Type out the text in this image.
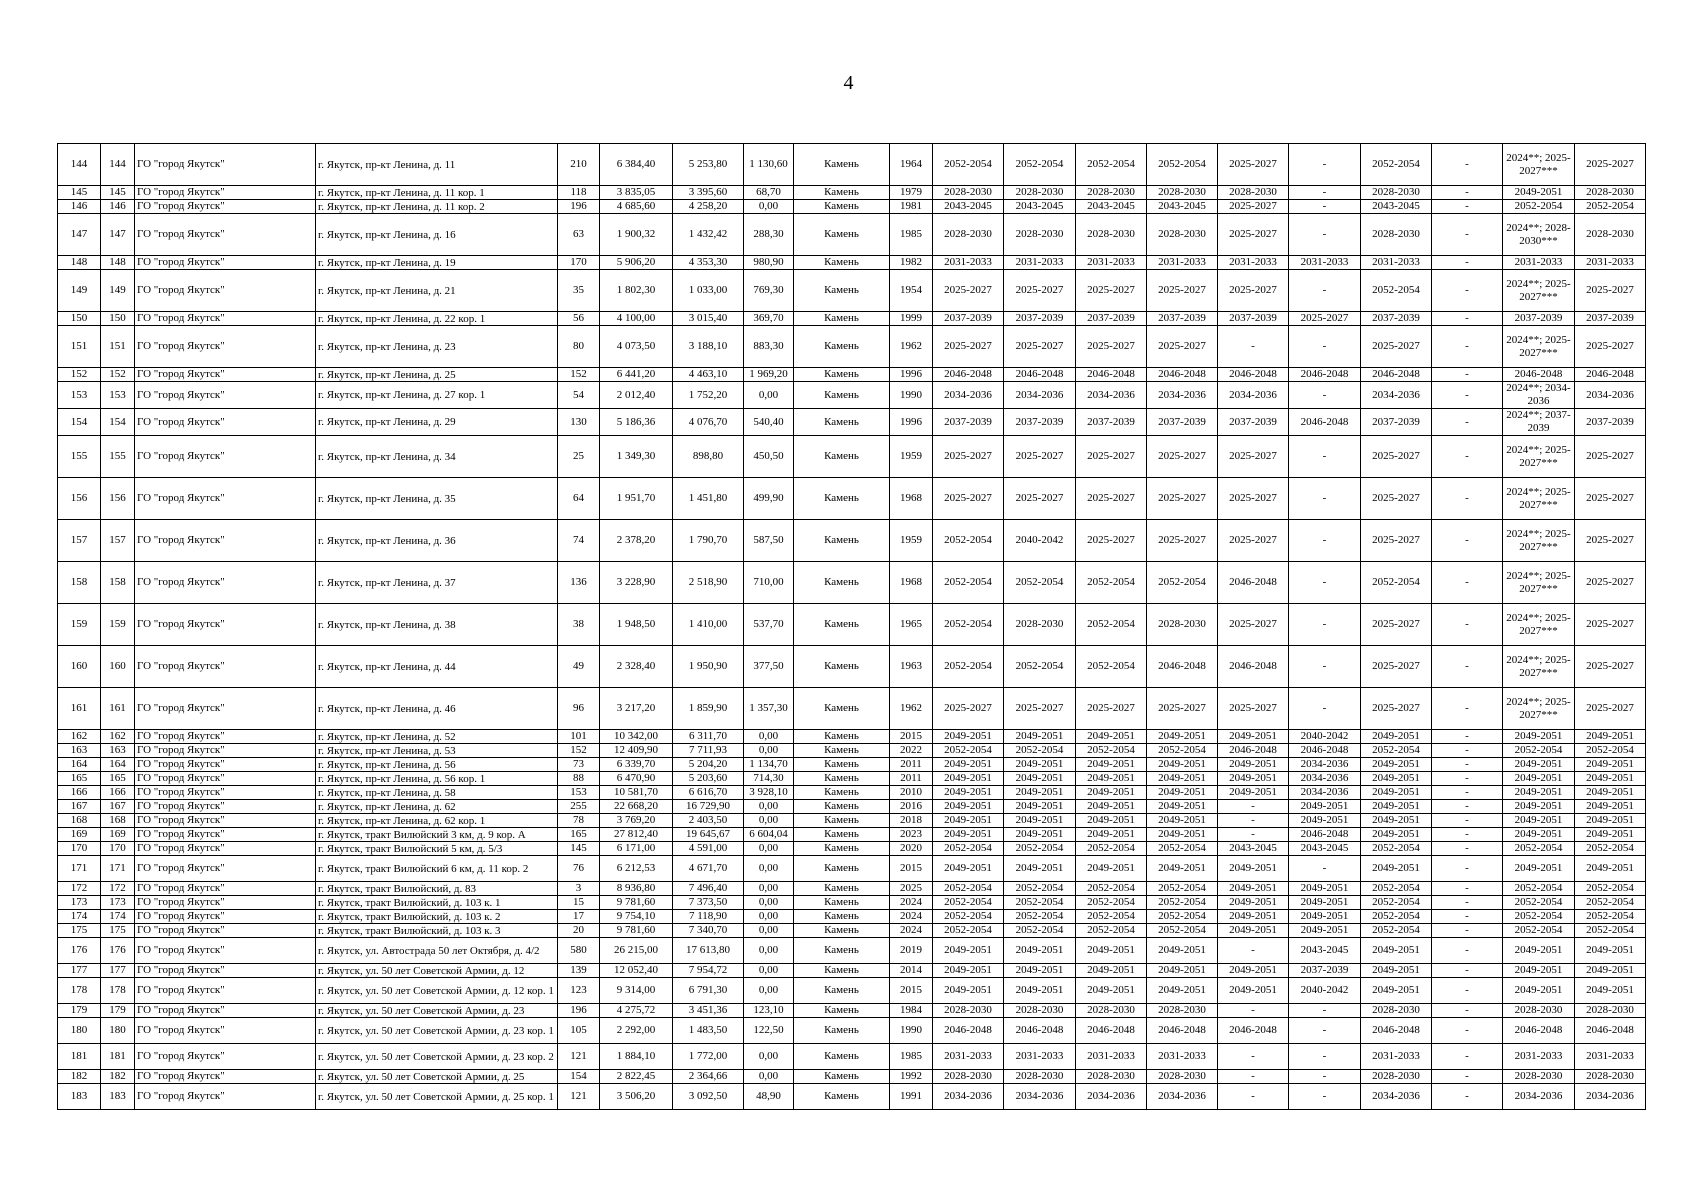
4
144	144	ГО "город Якутск"	г. Якутск, пр-кт Ленина, д. 11	210	6 384,40	5 253,80	1 130,60	Камень	1964	2052-2054	2052-2054	2052-2054	2052-2054	2025-2027	-	2052-2054	-	2024**; 2025-2027***	2025-2027
145	145	ГО "город Якутск"	г. Якутск, пр-кт Ленина, д. 11 кор. 1	118	3 835,05	3 395,60	68,70	Камень	1979	2028-2030	2028-2030	2028-2030	2028-2030	2028-2030	-	2028-2030	-	2049-2051	2028-2030
146	146	ГО "город Якутск"	г. Якутск, пр-кт Ленина, д. 11 кор. 2	196	4 685,60	4 258,20	0,00	Камень	1981	2043-2045	2043-2045	2043-2045	2043-2045	2025-2027	-	2043-2045	-	2052-2054	2052-2054
147	147	ГО "город Якутск"	г. Якутск, пр-кт Ленина, д. 16	63	1 900,32	1 432,42	288,30	Камень	1985	2028-2030	2028-2030	2028-2030	2028-2030	2025-2027	-	2028-2030	-	2024**; 2028-2030***	2028-2030
148	148	ГО "город Якутск"	г. Якутск, пр-кт Ленина, д. 19	170	5 906,20	4 353,30	980,90	Камень	1982	2031-2033	2031-2033	2031-2033	2031-2033	2031-2033	2031-2033	2031-2033	-	2031-2033	2031-2033
149	149	ГО "город Якутск"	г. Якутск, пр-кт Ленина, д. 21	35	1 802,30	1 033,00	769,30	Камень	1954	2025-2027	2025-2027	2025-2027	2025-2027	2025-2027	-	2052-2054	-	2024**; 2025-2027***	2025-2027
150	150	ГО "город Якутск"	г. Якутск, пр-кт Ленина, д. 22 кор. 1	56	4 100,00	3 015,40	369,70	Камень	1999	2037-2039	2037-2039	2037-2039	2037-2039	2037-2039	2025-2027	2037-2039	-	2037-2039	2037-2039
151	151	ГО "город Якутск"	г. Якутск, пр-кт Ленина, д. 23	80	4 073,50	3 188,10	883,30	Камень	1962	2025-2027	2025-2027	2025-2027	2025-2027	-	-	2025-2027	-	2024**; 2025-2027***	2025-2027
152	152	ГО "город Якутск"	г. Якутск, пр-кт Ленина, д. 25	152	6 441,20	4 463,10	1 969,20	Камень	1996	2046-2048	2046-2048	2046-2048	2046-2048	2046-2048	2046-2048	2046-2048	-	2046-2048	2046-2048
153	153	ГО "город Якутск"	г. Якутск, пр-кт Ленина, д. 27 кор. 1	54	2 012,40	1 752,20	0,00	Камень	1990	2034-2036	2034-2036	2034-2036	2034-2036	2034-2036	-	2034-2036	-	2024**; 2034-2036	2034-2036
154	154	ГО "город Якутск"	г. Якутск, пр-кт Ленина, д. 29	130	5 186,36	4 076,70	540,40	Камень	1996	2037-2039	2037-2039	2037-2039	2037-2039	2037-2039	2046-2048	2037-2039	-	2024**; 2037-2039	2037-2039
155	155	ГО "город Якутск"	г. Якутск, пр-кт Ленина, д. 34	25	1 349,30	898,80	450,50	Камень	1959	2025-2027	2025-2027	2025-2027	2025-2027	2025-2027	-	2025-2027	-	2024**; 2025-2027***	2025-2027
156	156	ГО "город Якутск"	г. Якутск, пр-кт Ленина, д. 35	64	1 951,70	1 451,80	499,90	Камень	1968	2025-2027	2025-2027	2025-2027	2025-2027	2025-2027	-	2025-2027	-	2024**; 2025-2027***	2025-2027
157	157	ГО "город Якутск"	г. Якутск, пр-кт Ленина, д. 36	74	2 378,20	1 790,70	587,50	Камень	1959	2052-2054	2040-2042	2025-2027	2025-2027	2025-2027	-	2025-2027	-	2024**; 2025-2027***	2025-2027
158	158	ГО "город Якутск"	г. Якутск, пр-кт Ленина, д. 37	136	3 228,90	2 518,90	710,00	Камень	1968	2052-2054	2052-2054	2052-2054	2052-2054	2046-2048	-	2052-2054	-	2024**; 2025-2027***	2025-2027
159	159	ГО "город Якутск"	г. Якутск, пр-кт Ленина, д. 38	38	1 948,50	1 410,00	537,70	Камень	1965	2052-2054	2028-2030	2052-2054	2028-2030	2025-2027	-	2025-2027	-	2024**; 2025-2027***	2025-2027
160	160	ГО "город Якутск"	г. Якутск, пр-кт Ленина, д. 44	49	2 328,40	1 950,90	377,50	Камень	1963	2052-2054	2052-2054	2052-2054	2046-2048	2046-2048	-	2025-2027	-	2024**; 2025-2027***	2025-2027
161	161	ГО "город Якутск"	г. Якутск, пр-кт Ленина, д. 46	96	3 217,20	1 859,90	1 357,30	Камень	1962	2025-2027	2025-2027	2025-2027	2025-2027	2025-2027	-	2025-2027	-	2024**; 2025-2027***	2025-2027
162	162	ГО "город Якутск"	г. Якутск, пр-кт Ленина, д. 52	101	10 342,00	6 311,70	0,00	Камень	2015	2049-2051	2049-2051	2049-2051	2049-2051	2049-2051	2040-2042	2049-2051	-	2049-2051	2049-2051
163	163	ГО "город Якутск"	г. Якутск, пр-кт Ленина, д. 53	152	12 409,90	7 711,93	0,00	Камень	2022	2052-2054	2052-2054	2052-2054	2052-2054	2046-2048	2046-2048	2052-2054	-	2052-2054	2052-2054
164	164	ГО "город Якутск"	г. Якутск, пр-кт Ленина, д. 56	73	6 339,70	5 204,20	1 134,70	Камень	2011	2049-2051	2049-2051	2049-2051	2049-2051	2049-2051	2034-2036	2049-2051	-	2049-2051	2049-2051
165	165	ГО "город Якутск"	г. Якутск, пр-кт Ленина, д. 56 кор. 1	88	6 470,90	5 203,60	714,30	Камень	2011	2049-2051	2049-2051	2049-2051	2049-2051	2049-2051	2034-2036	2049-2051	-	2049-2051	2049-2051
166	166	ГО "город Якутск"	г. Якутск, пр-кт Ленина, д. 58	153	10 581,70	6 616,70	3 928,10	Камень	2010	2049-2051	2049-2051	2049-2051	2049-2051	2049-2051	2034-2036	2049-2051	-	2049-2051	2049-2051
167	167	ГО "город Якутск"	г. Якутск, пр-кт Ленина, д. 62	255	22 668,20	16 729,90	0,00	Камень	2016	2049-2051	2049-2051	2049-2051	2049-2051	-	2049-2051	2049-2051	-	2049-2051	2049-2051
168	168	ГО "город Якутск"	г. Якутск, пр-кт Ленина, д. 62 кор. 1	78	3 769,20	2 403,50	0,00	Камень	2018	2049-2051	2049-2051	2049-2051	2049-2051	-	2049-2051	2049-2051	-	2049-2051	2049-2051
169	169	ГО "город Якутск"	г. Якутск, тракт Вилюйский 3 км, д. 9 кор. А	165	27 812,40	19 645,67	6 604,04	Камень	2023	2049-2051	2049-2051	2049-2051	2049-2051	-	2046-2048	2049-2051	-	2049-2051	2049-2051
170	170	ГО "город Якутск"	г. Якутск, тракт Вилюйский 5 км, д. 5/3	145	6 171,00	4 591,00	0,00	Камень	2020	2052-2054	2052-2054	2052-2054	2052-2054	2043-2045	2043-2045	2052-2054	-	2052-2054	2052-2054
171	171	ГО "город Якутск"	г. Якутск, тракт Вилюйский 6 км, д. 11 кор. 2	76	6 212,53	4 671,70	0,00	Камень	2015	2049-2051	2049-2051	2049-2051	2049-2051	2049-2051	-	2049-2051	-	2049-2051	2049-2051
172	172	ГО "город Якутск"	г. Якутск, тракт Вилюйский, д. 83	3	8 936,80	7 496,40	0,00	Камень	2025	2052-2054	2052-2054	2052-2054	2052-2054	2049-2051	2049-2051	2052-2054	-	2052-2054	2052-2054
173	173	ГО "город Якутск"	г. Якутск, тракт Вилюйский, д. 103 к. 1	15	9 781,60	7 373,50	0,00	Камень	2024	2052-2054	2052-2054	2052-2054	2052-2054	2049-2051	2049-2051	2052-2054	-	2052-2054	2052-2054
174	174	ГО "город Якутск"	г. Якутск, тракт Вилюйский, д. 103 к. 2	17	9 754,10	7 118,90	0,00	Камень	2024	2052-2054	2052-2054	2052-2054	2052-2054	2049-2051	2049-2051	2052-2054	-	2052-2054	2052-2054
175	175	ГО "город Якутск"	г. Якутск, тракт Вилюйский, д. 103 к. 3	20	9 781,60	7 340,70	0,00	Камень	2024	2052-2054	2052-2054	2052-2054	2052-2054	2049-2051	2049-2051	2052-2054	-	2052-2054	2052-2054
176	176	ГО "город Якутск"	г. Якутск, ул. Автострада 50 лет Октября, д. 4/2	580	26 215,00	17 613,80	0,00	Камень	2019	2049-2051	2049-2051	2049-2051	2049-2051	-	2043-2045	2049-2051	-	2049-2051	2049-2051
177	177	ГО "город Якутск"	г. Якутск, ул. 50 лет Советской Армии, д. 12	139	12 052,40	7 954,72	0,00	Камень	2014	2049-2051	2049-2051	2049-2051	2049-2051	2049-2051	2037-2039	2049-2051	-	2049-2051	2049-2051
178	178	ГО "город Якутск"	г. Якутск, ул. 50 лет Советской Армии, д. 12 кор. 1	123	9 314,00	6 791,30	0,00	Камень	2015	2049-2051	2049-2051	2049-2051	2049-2051	2049-2051	2040-2042	2049-2051	-	2049-2051	2049-2051
179	179	ГО "город Якутск"	г. Якутск, ул. 50 лет Советской Армии, д. 23	196	4 275,72	3 451,36	123,10	Камень	1984	2028-2030	2028-2030	2028-2030	2028-2030	-	-	2028-2030	-	2028-2030	2028-2030
180	180	ГО "город Якутск"	г. Якутск, ул. 50 лет Советской Армии, д. 23 кор. 1	105	2 292,00	1 483,50	122,50	Камень	1990	2046-2048	2046-2048	2046-2048	2046-2048	2046-2048	-	2046-2048	-	2046-2048	2046-2048
181	181	ГО "город Якутск"	г. Якутск, ул. 50 лет Советской Армии, д. 23 кор. 2	121	1 884,10	1 772,00	0,00	Камень	1985	2031-2033	2031-2033	2031-2033	2031-2033	-	-	2031-2033	-	2031-2033	2031-2033
182	182	ГО "город Якутск"	г. Якутск, ул. 50 лет Советской Армии, д. 25	154	2 822,45	2 364,66	0,00	Камень	1992	2028-2030	2028-2030	2028-2030	2028-2030	-	-	2028-2030	-	2028-2030	2028-2030
183	183	ГО "город Якутск"	г. Якутск, ул. 50 лет Советской Армии, д. 25 кор. 1	121	3 506,20	3 092,50	48,90	Камень	1991	2034-2036	2034-2036	2034-2036	2034-2036	-	-	2034-2036	-	2034-2036	2034-2036
